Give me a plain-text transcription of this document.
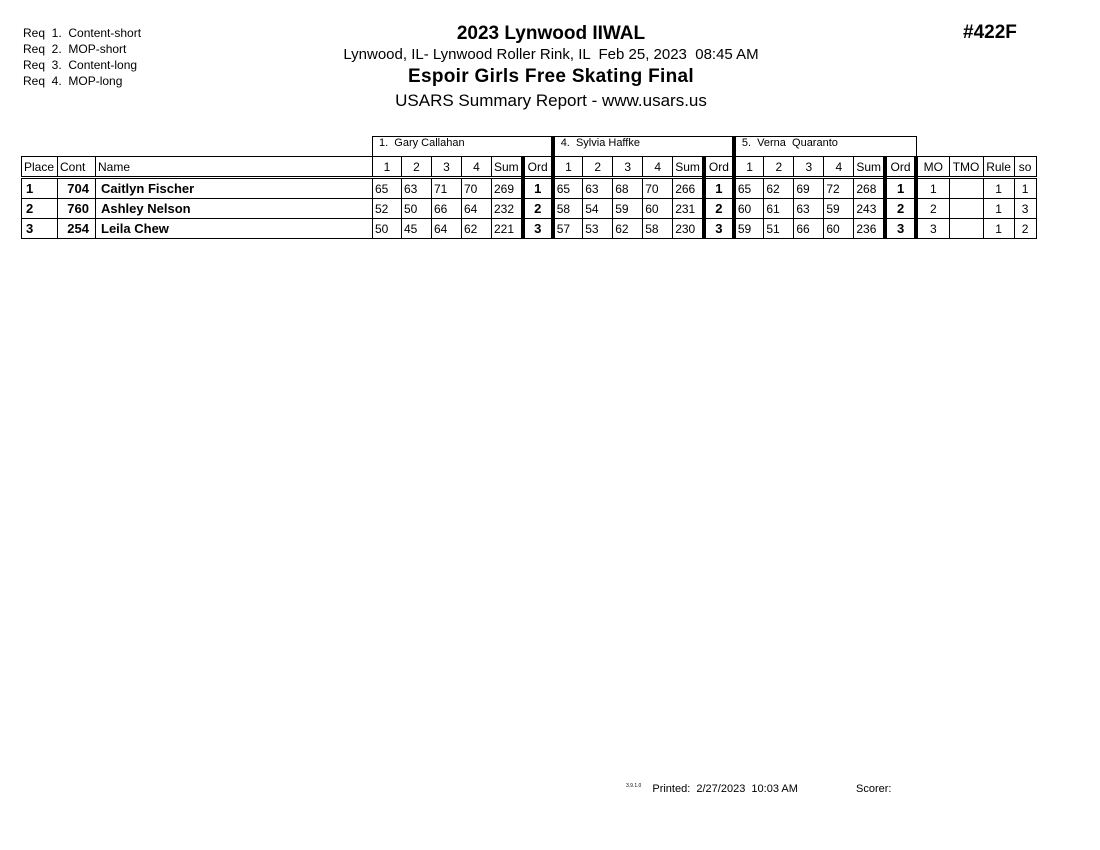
Req  1.  Content-short
Req  2.  MOP-short
Req  3.  Content-long
Req  4.  MOP-long
2023 Lynwood IIWAL
Lynwood, IL- Lynwood Roller Rink, IL  Feb 25, 2023  08:45 AM
Espoir Girls Free Skating Final
USARS Summary Report - www.usars.us
#422F
			1.  Gary Callahan						4.  Sylvia Haffke						5.  Verna  Quaranto									
Place	Cont	Name	1	2	3	4	Sum	Ord	1	2	3	4	Sum	Ord	1	2	3	4	Sum	Ord	MO	TMO	Rule	so
1	704	Caitlyn Fischer	65	63	71	70	269	1	65	63	68	70	266	1	65	62	69	72	268	1	1		1	1
2	760	Ashley Nelson	52	50	66	64	232	2	58	54	59	60	231	2	60	61	63	59	243	2	2		1	3
3	254	Leila Chew	50	45	64	62	221	3	57	53	62	58	230	3	59	51	66	60	236	3	3		1	2
$^{3.9.1.0}$ Printed:  2/27/2023  10:03 AM	Scorer:
